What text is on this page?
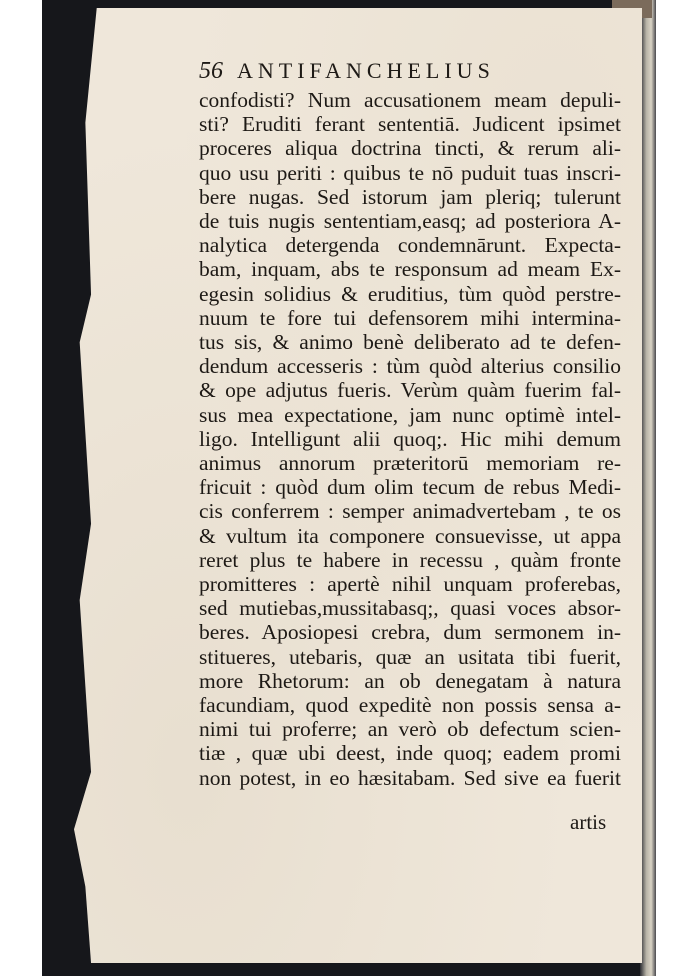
56 ANTIFANCHELIUS
confodisti? Num accusationem meam depuli-
sti? Eruditi ferant sententiā. Judicent ipsimet
proceres aliqua doctrina tincti, & rerum ali-
quo usu periti : quibus te nō puduit tuas inscri-
bere nugas. Sed istorum jam pleriq; tulerunt
de tuis nugis sententiam,easq; ad posteriora A-
nalytica detergenda condemnārunt. Expecta-
bam, inquam, abs te responsum ad meam Ex-
egesin solidius & eruditius, tùm quòd perstre-
nuum te fore tui defensorem mihi intermina-
tus sis, & animo benè deliberato ad te defen-
dendum accesseris : tùm quòd alterius consilio
& ope adjutus fueris. Verùm quàm fuerim fal-
sus mea expectatione, jam nunc optimè intel-
ligo. Intelligunt alii quoq;. Hic mihi demum
animus annorum præteritorū memoriam re-
fricuit : quòd dum olim tecum de rebus Medi-
cis conferrem : semper animadvertebam , te os
& vultum ita componere consuevisse, ut appa
reret plus te habere in recessu , quàm fronte
promitteres : apertè nihil unquam proferebas,
sed mutiebas,mussitabasq;, quasi voces absor-
beres. Aposiopesi crebra, dum sermonem in-
stitueres, utebaris, quæ an usitata tibi fuerit,
more Rhetorum: an ob denegatam à natura
facundiam, quod expeditè non possis sensa a-
nimi tui proferre; an verò ob defectum scien-
tiæ , quæ ubi deest, inde quoq; eadem promi
non potest, in eo hæsitabam. Sed sive ea fuerit
artis
